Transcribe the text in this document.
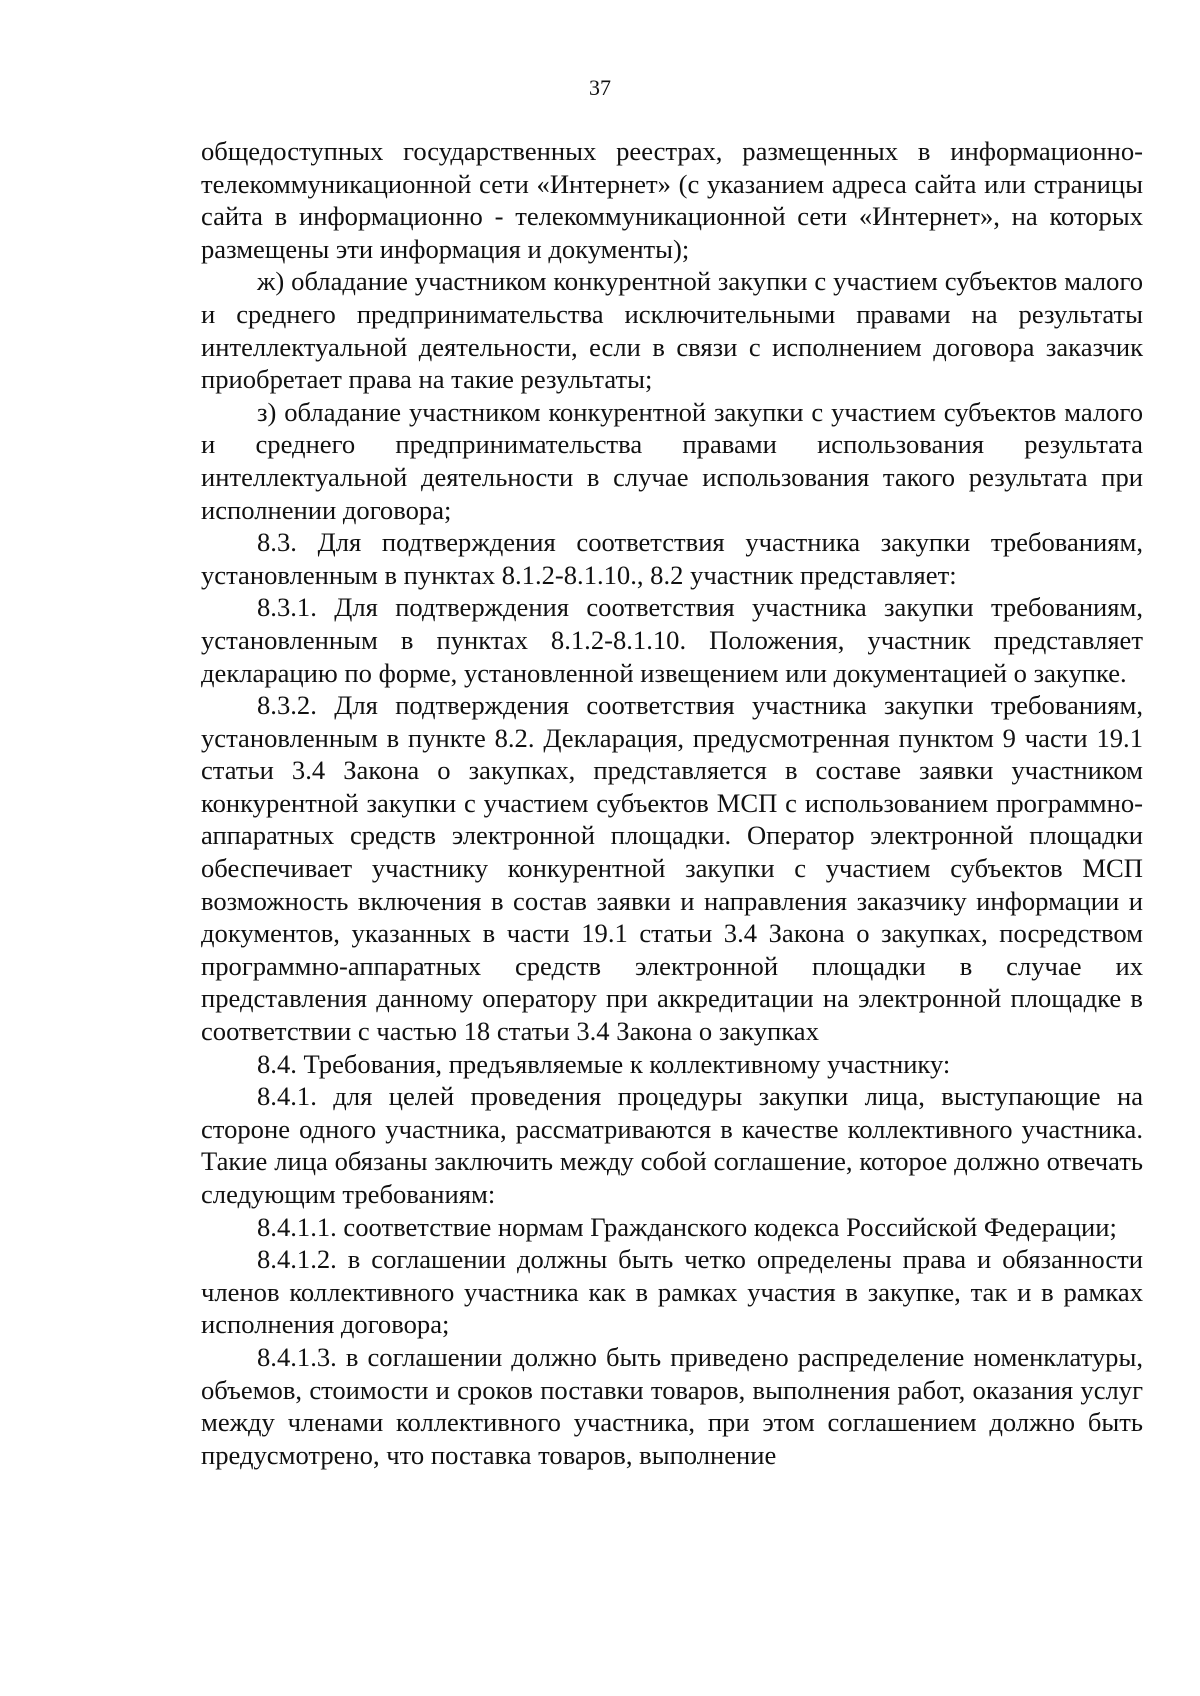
37

общедоступных государственных реестрах, размещенных в информационно-телекоммуникационной сети «Интернет» (с указанием адреса сайта или страницы сайта в информационно - телекоммуникационной сети «Интернет», на которых размещены эти информация и документы);

ж) обладание участником конкурентной закупки с участием субъектов малого и среднего предпринимательства исключительными правами на результаты интеллектуальной деятельности, если в связи с исполнением договора заказчик приобретает права на такие результаты;

з) обладание участником конкурентной закупки с участием субъектов малого и среднего предпринимательства правами использования результата интеллектуальной деятельности в случае использования такого результата при исполнении договора;

8.3. Для подтверждения соответствия участника закупки требованиям, установленным в пунктах 8.1.2-8.1.10., 8.2 участник представляет:

8.3.1. Для подтверждения соответствия участника закупки требованиям, установленным в пунктах 8.1.2-8.1.10. Положения, участник представляет декларацию по форме, установленной извещением или документацией о закупке.

8.3.2. Для подтверждения соответствия участника закупки требованиям, установленным в пункте 8.2. Декларация, предусмотренная пунктом 9 части 19.1 статьи 3.4 Закона о закупках, представляется в составе заявки участником конкурентной закупки с участием субъектов МСП с использованием программно-аппаратных средств электронной площадки. Оператор электронной площадки обеспечивает участнику конкурентной закупки с участием субъектов МСП возможность включения в состав заявки и направления заказчику информации и документов, указанных в части 19.1 статьи 3.4 Закона о закупках, посредством программно-аппаратных средств электронной площадки в случае их представления данному оператору при аккредитации на электронной площадке в соответствии с частью 18 статьи 3.4 Закона о закупках

8.4. Требования, предъявляемые к коллективному участнику:

8.4.1. для целей проведения процедуры закупки лица, выступающие на стороне одного участника, рассматриваются в качестве коллективного участника. Такие лица обязаны заключить между собой соглашение, которое должно отвечать следующим требованиям:

8.4.1.1. соответствие нормам Гражданского кодекса Российской Федерации;

8.4.1.2. в соглашении должны быть четко определены права и обязанности членов коллективного участника как в рамках участия в закупке, так и в рамках исполнения договора;

8.4.1.3. в соглашении должно быть приведено распределение номенклатуры, объемов, стоимости и сроков поставки товаров, выполнения работ, оказания услуг между членами коллективного участника, при этом соглашением должно быть предусмотрено, что поставка товаров, выполнение
